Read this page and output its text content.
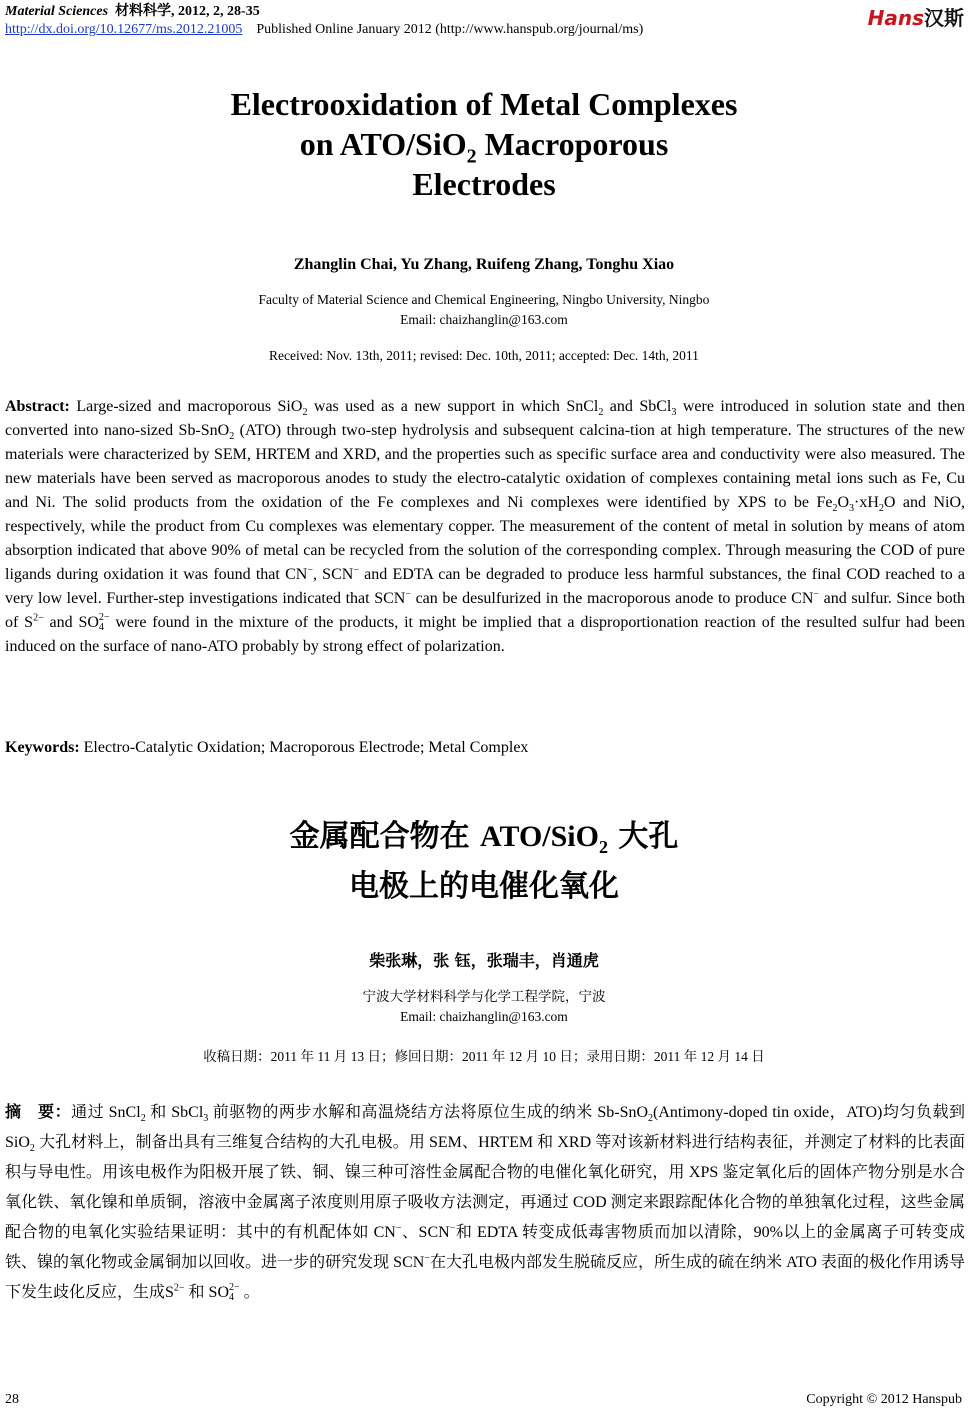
Material Sciences 材料科学, 2012, 2, 28-35
http://dx.doi.org/10.12677/ms.2012.21005 Published Online January 2012 (http://www.hanspub.org/journal/ms)	Hans汉斯
Electrooxidation of Metal Complexes
on ATO/SiO$_2$ Macroporous
Electrodes
Zhanglin Chai, Yu Zhang, Ruifeng Zhang, Tonghu Xiao
Faculty of Material Science and Chemical Engineering, Ningbo University, Ningbo
Email: chaizhanglin@163.com
Received: Nov. 13th, 2011; revised: Dec. 10th, 2011; accepted: Dec. 14th, 2011
Abstract: Large-sized and macroporous SiO$_2$ was used as a new support in which SnCl$_2$ and SbCl$_3$ were introduced in solution state and then converted into nano-sized Sb-SnO$_2$ (ATO) through two-step hydrolysis and subsequent calcina-tion at high temperature. The structures of the new materials were characterized by SEM, HRTEM and XRD, and the properties such as specific surface area and conductivity were also measured. The new materials have been served as macroporous anodes to study the electro-catalytic oxidation of complexes containing metal ions such as Fe, Cu and Ni. The solid products from the oxidation of the Fe complexes and Ni complexes were identified by XPS to be $Fe_2O_3\cdot xH_2O$ and NiO, respectively, while the product from Cu complexes was elementary copper. The measurement of the content of metal in solution by means of atom absorption indicated that above 90% of metal can be recycled from the solution of the corresponding complex. Through measuring the COD of pure ligands during oxidation it was found that CN−, SCN− and EDTA can be degraded to produce less harmful substances, the final COD reached to a very low level. Further-step investigations indicated that SCN− can be desulfurized in the macroporous anode to produce CN− and sulfur. Since both of $S^{2-}$ and SO 2−
4 were found in the mixture of the products, it might be implied that a disproportionation reaction of the resulted sulfur had been induced on the surface of nano-ATO probably by strong effect of polarization.
Keywords: Electro-Catalytic Oxidation; Macroporous Electrode; Metal Complex
金属配合物在 ATO/SiO$_2$ 大孔
电极上的电催化氧化
柴张琳，张 钰，张瑞丰，肖通虎
宁波大学材料科学与化学工程学院，宁波
Email: chaizhanglin@163.com
收稿日期：2011 年 11 月 13 日；修回日期：2011 年 12 月 10 日；录用日期：2011 年 12 月 14 日
摘　要：通过 SnCl$_2$ 和 SbCl$_3$ 前驱物的两步水解和高温烧结方法将原位生成的纳米 Sb-SnO$_2$(Antimony-doped tin oxide，ATO)均匀负载到 SiO$_2$ 大孔材料上，制备出具有三维复合结构的大孔电极。用 SEM、HRTEM 和 XRD 等对该新材料进行结构表征，并测定了材料的比表面积与导电性。用该电极作为阳极开展了铁、铜、镍三种可溶性金属配合物的电催化氧化研究，用 XPS 鉴定氧化后的固体产物分别是水合氧化铁、氧化镍和单质铜，溶液中金属离子浓度则用原子吸收方法测定，再通过 COD 测定来跟踪配体化合物的单独氧化过程，这些金属配合物的电氧化实验结果证明：其中的有机配体如 CN−、SCN−和 EDTA 转变成低毒害物质而加以清除，90%以上的金属离子可转变成铁、镍的氧化物或金属铜加以回收。进一步的研究发现 SCN−在大孔电极内部发生脱硫反应，所生成的硫在纳米 ATO 表面的极化作用诱导下发生歧化反应，生成$S^{2-}$ 和 SO 2−
4 。
28	Copyright © 2012 Hanspub
